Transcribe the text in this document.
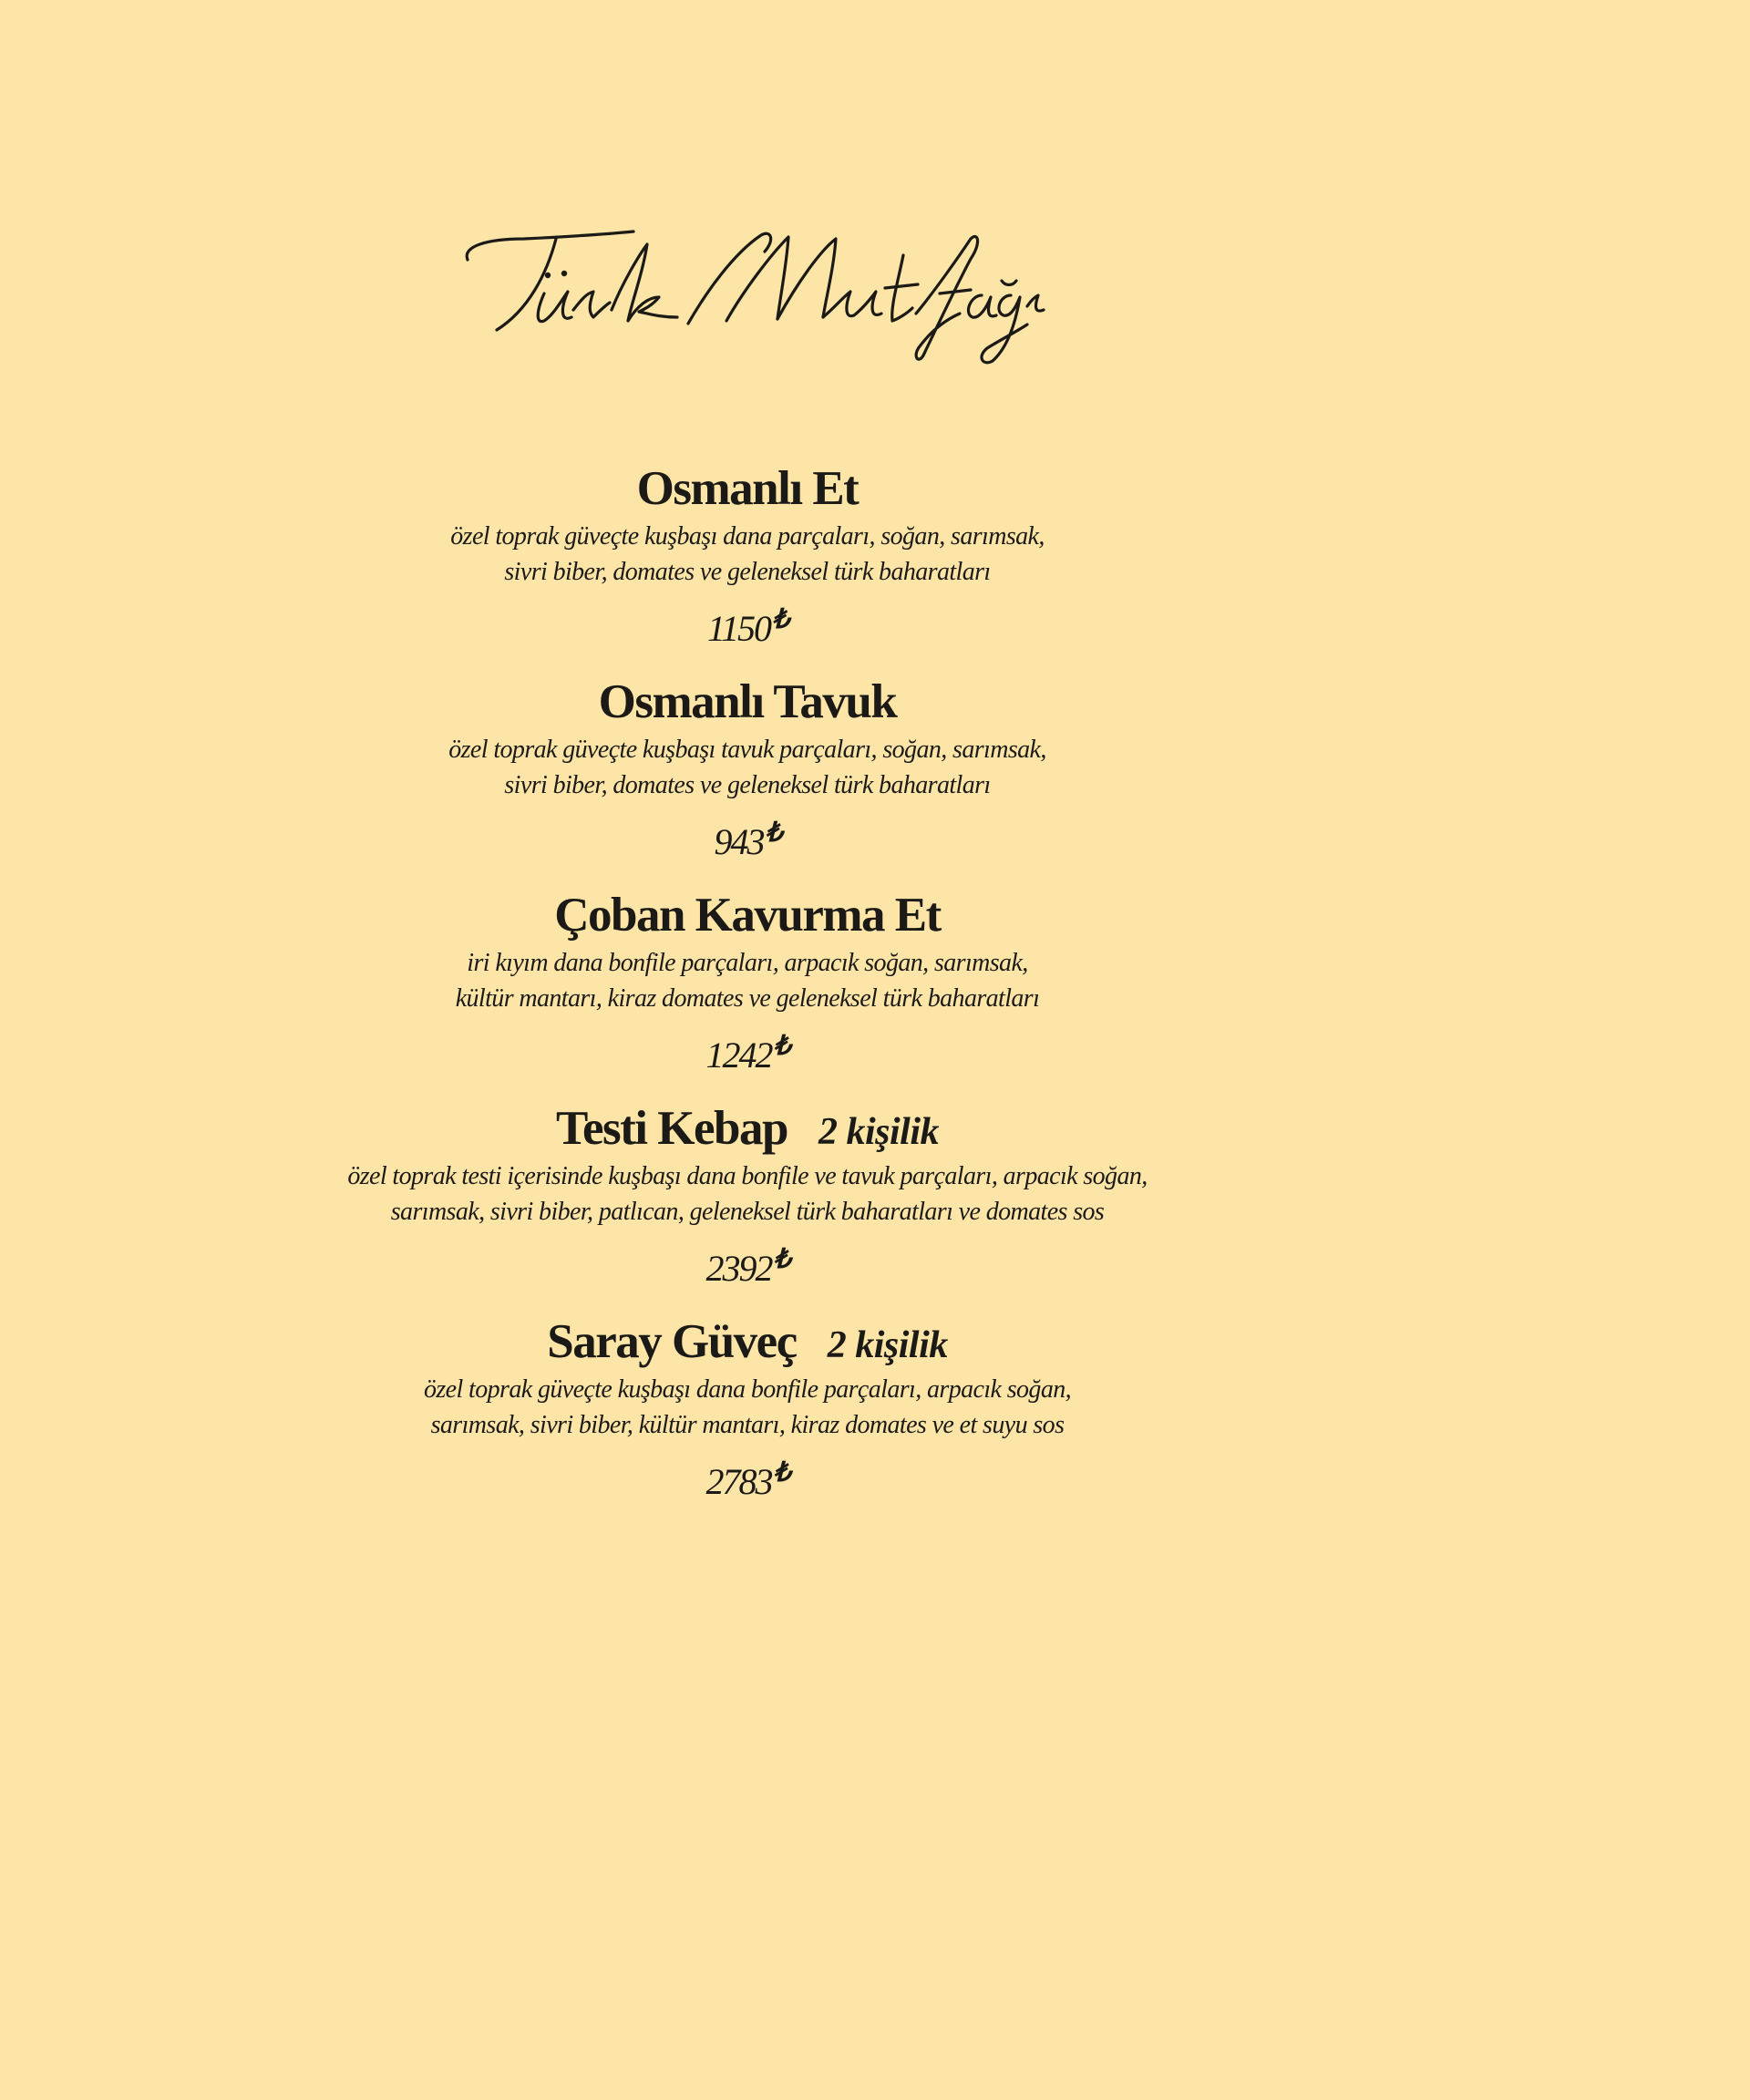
Osmanlı Et

özel toprak güveçte kuşbaşı dana parçaları, soğan, sarımsak,
sivri biber, domates ve geleneksel türk baharatları

1150₺
Osmanlı Tavuk

özel toprak güveçte kuşbaşı tavuk parçaları, soğan, sarımsak,
sivri biber, domates ve geleneksel türk baharatları

943₺
Çoban Kavurma Et

iri kıyım dana bonfile parçaları, arpacık soğan, sarımsak,
kültür mantarı, kiraz domates ve geleneksel türk baharatları

1242₺
Testi Kebap 2 kişilik

özel toprak testi içerisinde kuşbaşı dana bonfile ve tavuk parçaları, arpacık soğan,
sarımsak, sivri biber, patlıcan, geleneksel türk baharatları ve domates sos

2392₺
Saray Güveç 2 kişilik

özel toprak güveçte kuşbaşı dana bonfile parçaları, arpacık soğan,
sarımsak, sivri biber, kültür mantarı, kiraz domates ve et suyu sos

2783₺
